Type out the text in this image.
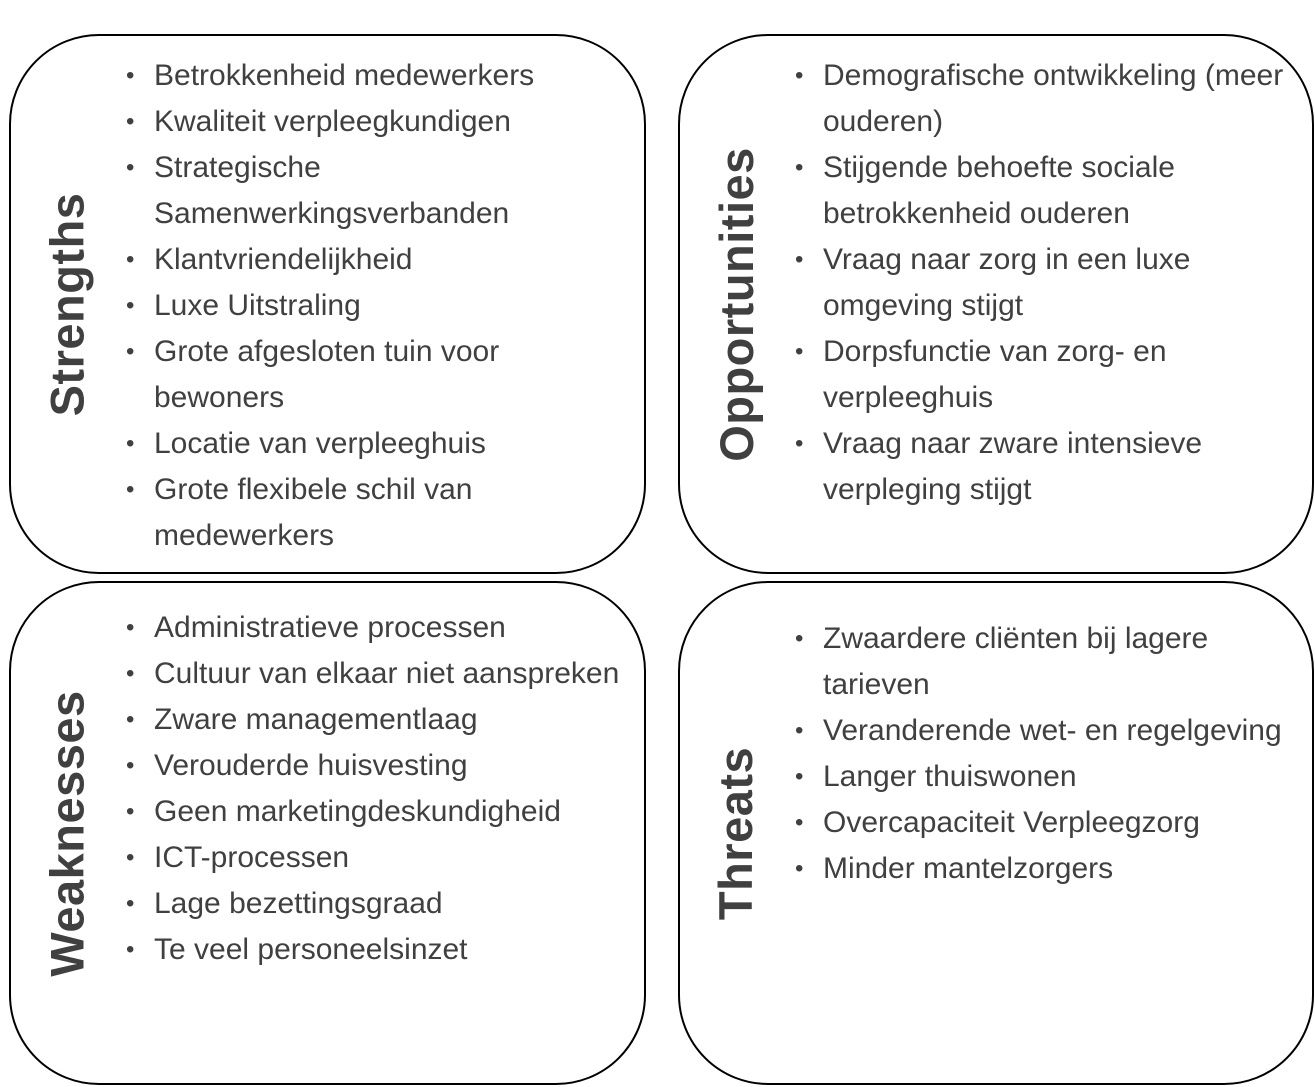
Strengths
• Betrokkenheid medewerkers
• Kwaliteit verpleegkundigen
• Strategische Samenwerkingsverbanden
• Klantvriendelijkheid
• Luxe Uitstraling
• Grote afgesloten tuin voor bewoners
• Locatie van verpleeghuis
• Grote flexibele schil van medewerkers
Opportunities
• Demografische ontwikkeling (meer ouderen)
• Stijgende behoefte sociale betrokkenheid ouderen
• Vraag naar zorg in een luxe omgeving stijgt
• Dorpsfunctie van zorg- en verpleeghuis
• Vraag naar zware intensieve verpleging stijgt
Weaknesses
• Administratieve processen
• Cultuur van elkaar niet aanspreken
• Zware managementlaag
• Verouderde huisvesting
• Geen marketingdeskundigheid
• ICT-processen
• Lage bezettingsgraad
• Te veel personeelsinzet
Threats
• Zwaardere cliënten bij lagere tarieven
• Veranderende wet- en regelgeving
• Langer thuiswonen
• Overcapaciteit Verpleegzorg
• Minder mantelzorgers
